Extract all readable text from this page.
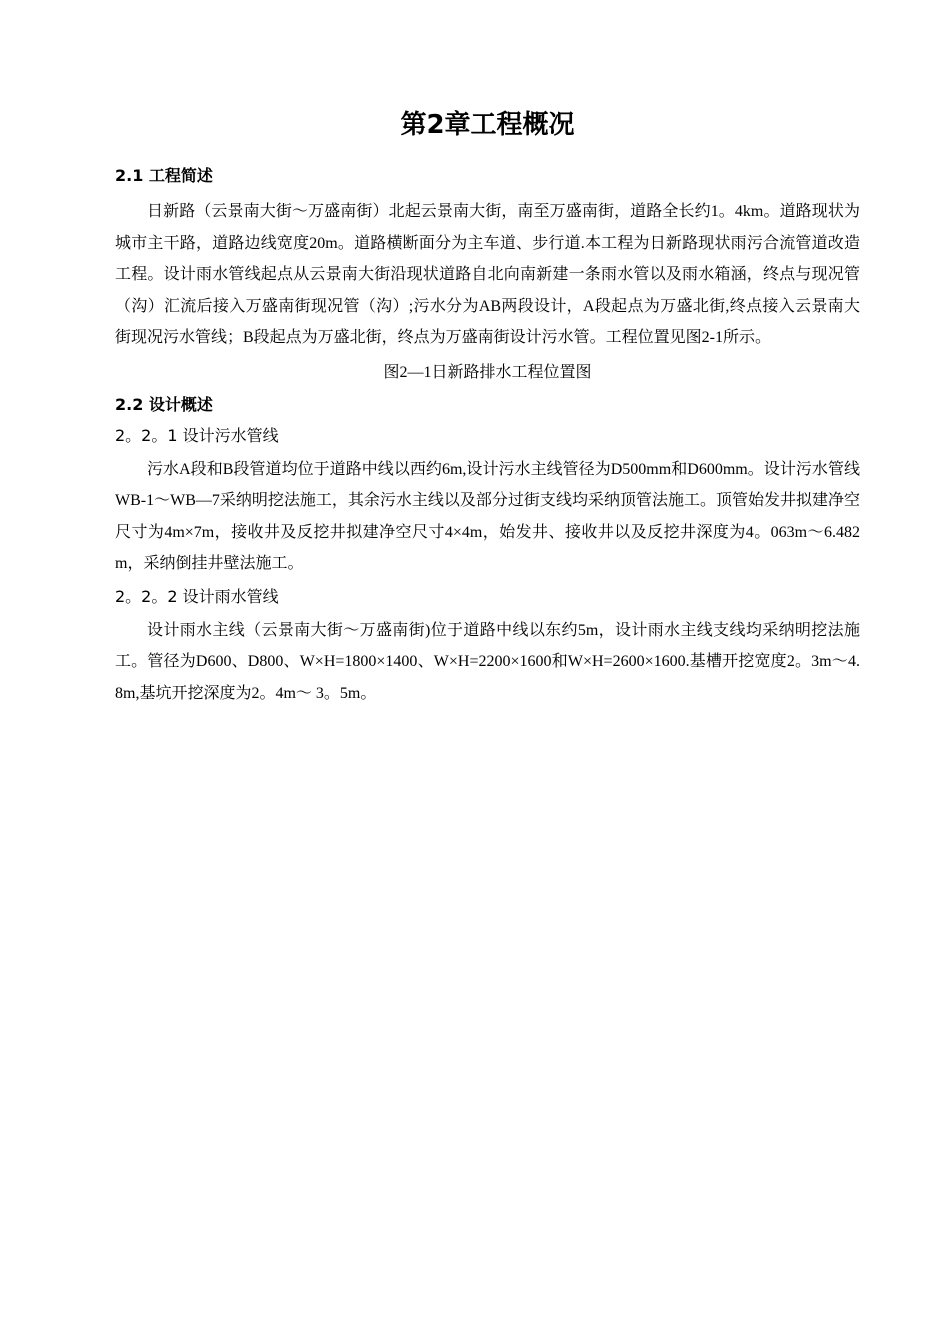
第2章工程概况
2.1 工程简述

日新路（云景南大街～万盛南街）北起云景南大街，南至万盛南街，道路全长约1。4km。道路现状为城市主干路，道路边线宽度20m。道路横断面分为主车道、步行道.本工程为日新路现状雨污合流管道改造工程。设计雨水管线起点从云景南大街沿现状道路自北向南新建一条雨水管以及雨水箱涵，终点与现况管（沟）汇流后接入万盛南街现况管（沟）;污水分为AB两段设计，A段起点为万盛北街,终点接入云景南大街现况污水管线；B段起点为万盛北街，终点为万盛南街设计污水管。工程位置见图2-1所示。

图2—1日新路排水工程位置图
2.2 设计概述
2。2。1 设计污水管线

污水A段和B段管道均位于道路中线以西约6m,设计污水主线管径为D500mm和D600mm。设计污水管线WB-1～WB—7采纳明挖法施工，其余污水主线以及部分过街支线均采纳顶管法施工。顶管始发井拟建净空尺寸为4m×7m，接收井及反挖井拟建净空尺寸4×4m，始发井、接收井以及反挖井深度为4。063m～6.482m，采纳倒挂井壁法施工。

2。2。2 设计雨水管线

设计雨水主线（云景南大街～万盛南街)位于道路中线以东约5m，设计雨水主线支线均采纳明挖法施工。管径为D600、D800、W×H=1800×1400、W×H=2200×1600和W×H=2600×1600.基槽开挖宽度2。3m～4.8m,基坑开挖深度为2。4m～ 3。5m。
